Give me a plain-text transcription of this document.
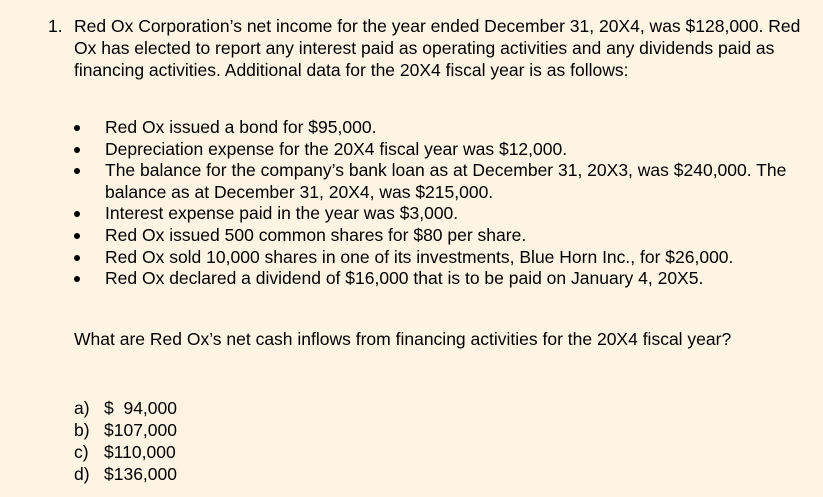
1. Red Ox Corporation’s net income for the year ended December 31, 20X4, was $128,000. Red Ox has elected to report any interest paid as operating activities and any dividends paid as financing activities. Additional data for the 20X4 fiscal year is as follows:
Red Ox issued a bond for $95,000.
Depreciation expense for the 20X4 fiscal year was $12,000.
The balance for the company’s bank loan as at December 31, 20X3, was $240,000. The balance as at December 31, 20X4, was $215,000.
Interest expense paid in the year was $3,000.
Red Ox issued 500 common shares for $80 per share.
Red Ox sold 10,000 shares in one of its investments, Blue Horn Inc., for $26,000.
Red Ox declared a dividend of $16,000 that is to be paid on January 4, 20X5.
What are Red Ox’s net cash inflows from financing activities for the 20X4 fiscal year?
a) $  94,000
b) $107,000
c) $110,000
d) $136,000
